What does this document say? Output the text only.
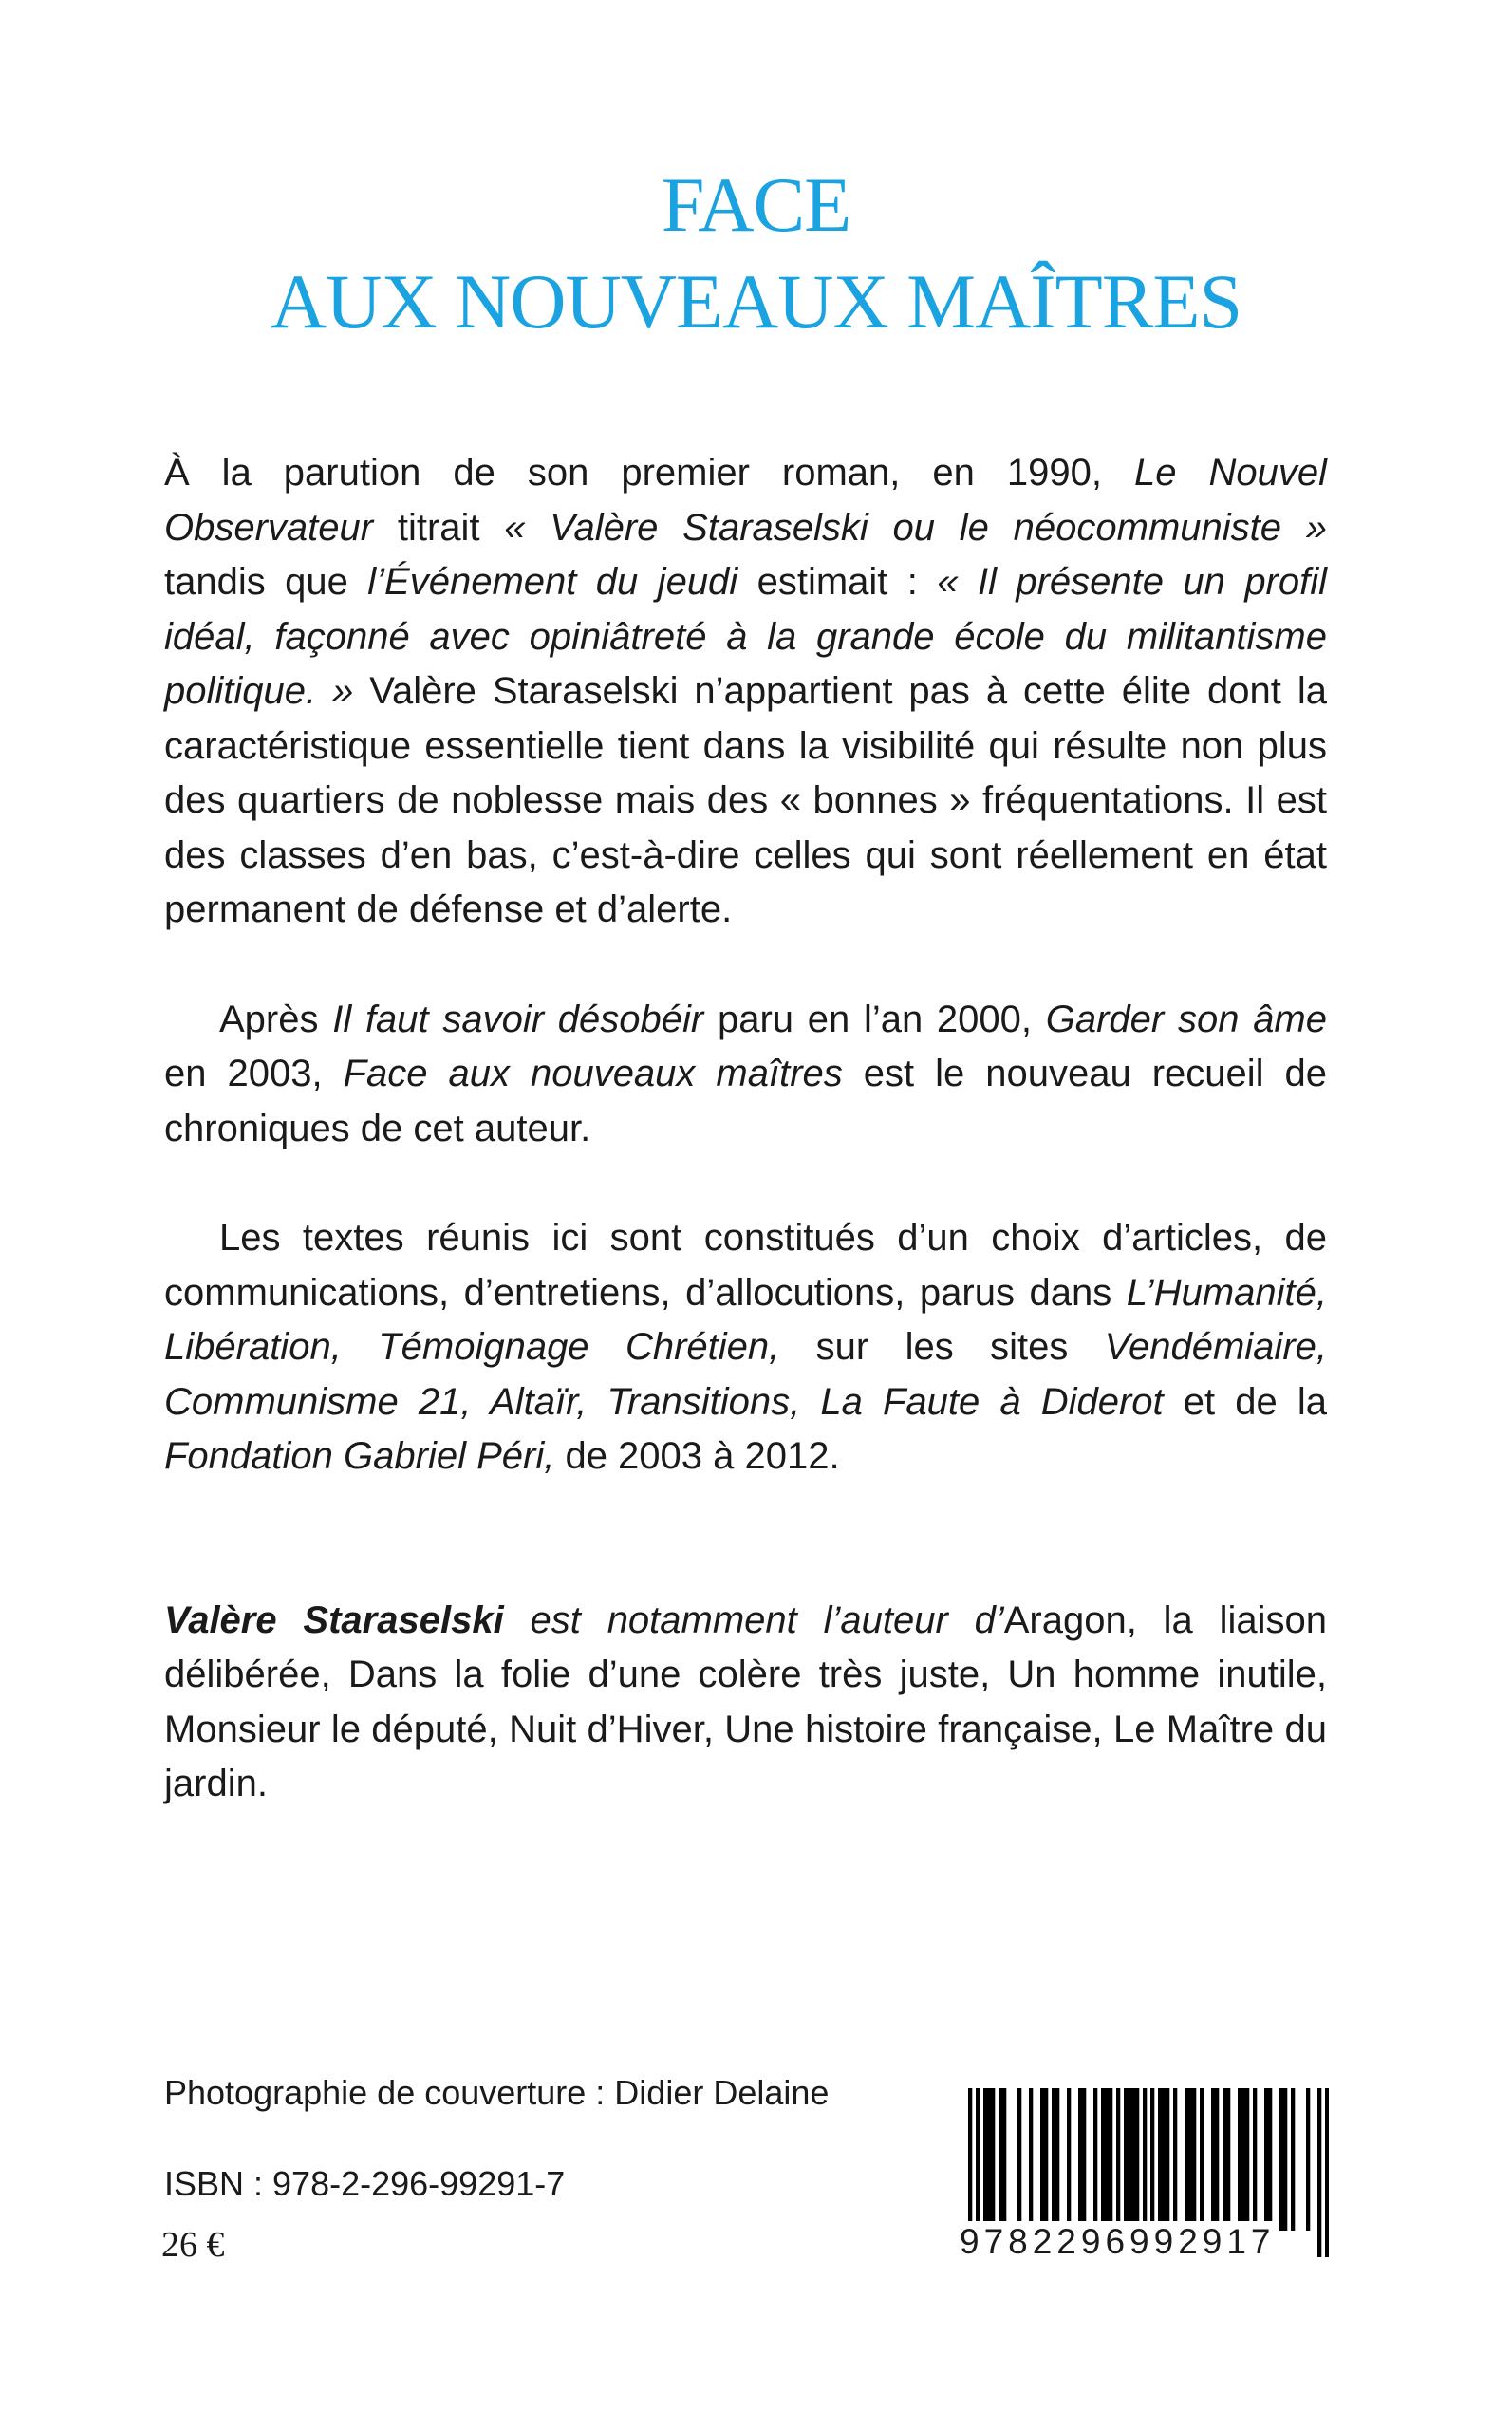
FACE
AUX NOUVEAUX MAÎTRES

À la parution de son premier roman, en 1990, Le Nouvel Observateur titrait « Valère Staraselski ou le néocommuniste » tandis que l’Événement du jeudi estimait : « Il présente un profil idéal, façonné avec opiniâtreté à la grande école du militantisme politique. » Valère Staraselski n’appartient pas à cette élite dont la caractéristique essentielle tient dans la visibilité qui résulte non plus des quartiers de noblesse mais des « bonnes » fréquentations. Il est des classes d’en bas, c’est-à-dire celles qui sont réellement en état permanent de défense et d’alerte.

Après Il faut savoir désobéir paru en l’an 2000, Garder son âme en 2003, Face aux nouveaux maîtres est le nouveau recueil de chroniques de cet auteur.

Les textes réunis ici sont constitués d’un choix d’articles, de communications, d’entretiens, d’allocutions, parus dans L’Humanité, Libération, Témoignage Chrétien, sur les sites Vendémiaire, Communisme 21, Altaïr, Transitions, La Faute à Diderot et de la Fondation Gabriel Péri, de 2003 à 2012.

Valère Staraselski est notamment l’auteur d’Aragon, la liaison délibérée, Dans la folie d’une colère très juste, Un homme inutile, Monsieur le député, Nuit d’Hiver, Une histoire française, Le Maître du jardin.

Photographie de couverture : Didier Delaine
ISBN : 978-2-296-99291-7
26 €	9782296992917
